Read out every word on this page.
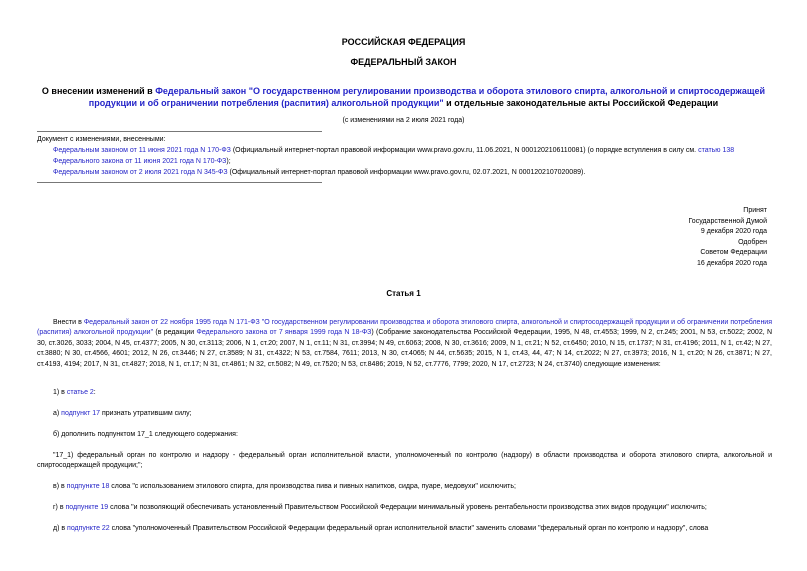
РОССИЙСКАЯ ФЕДЕРАЦИЯ
ФЕДЕРАЛЬНЫЙ ЗАКОН
О внесении изменений в Федеральный закон "О государственном регулировании производства и оборота этилового спирта, алкогольной и спиртосодержащей продукции и об ограничении потребления (распития) алкогольной продукции" и отдельные законодательные акты Российской Федерации
(с изменениями на 2 июля 2021 года)
Документ с изменениями, внесенными:
Федеральным законом от 11 июня 2021 года N 170-ФЗ (Официальный интернет-портал правовой информации www.pravo.gov.ru, 11.06.2021, N 0001202106110081) (о порядке вступления в силу см. статью 138 Федерального закона от 11 июня 2021 года N 170-ФЗ);
Федеральным законом от 2 июля 2021 года N 345-ФЗ (Официальный интернет-портал правовой информации www.pravo.gov.ru, 02.07.2021, N 0001202107020089).
Принят
Государственной Думой
9 декабря 2020 года
Одобрен
Советом Федерации
16 декабря 2020 года
Статья 1

Внести в Федеральный закон от 22 ноября 1995 года N 171-ФЗ "О государственном регулировании производства и оборота этилового спирта, алкогольной и спиртосодержащей продукции и об ограничении потребления (распития) алкогольной продукции" (в редакции Федерального закона от 7 января 1999 года N 18-ФЗ) (Собрание законодательства Российской Федерации, 1995, N 48, ст.4553; 1999, N 2, ст.245; 2001, N 53, ст.5022; 2002, N 30, ст.3026, 3033; 2004, N 45, ст.4377; 2005, N 30, ст.3113; 2006, N 1, ст.20; 2007, N 1, ст.11; N 31, ст.3994; N 49, ст.6063; 2008, N 30, ст.3616; 2009, N 1, ст.21; N 52, ст.6450; 2010, N 15, ст.1737; N 31, ст.4196; 2011, N 1, ст.42; N 27, ст.3880; N 30, ст.4566, 4601; 2012, N 26, ст.3446; N 27, ст.3589; N 31, ст.4322; N 53, ст.7584, 7611; 2013, N 30, ст.4065; N 44, ст.5635; 2015, N 1, ст.43, 44, 47; N 14, ст.2022; N 27, ст.3973; 2016, N 1, ст.20; N 26, ст.3871; N 27, ст.4193, 4194; 2017, N 31, ст.4827; 2018, N 1, ст.17; N 31, ст.4861; N 32, ст.5082; N 49, ст.7520; N 53, ст.8486; 2019, N 52, ст.7776, 7799; 2020, N 17, ст.2723; N 24, ст.3740) следующие изменения:

1) в статье 2:
а) подпункт 17 признать утратившим силу;
б) дополнить подпунктом 17_1 следующего содержания:
"17_1) федеральный орган по контролю и надзору - федеральный орган исполнительной власти, уполномоченный по контролю (надзору) в области производства и оборота этилового спирта, алкогольной и спиртосодержащей продукции;";
в) в подпункте 18 слова "с использованием этилового спирта, для производства пива и пивных напитков, сидра, пуаре, медовухи" исключить;
г) в подпункте 19 слова "и позволяющий обеспечивать установленный Правительством Российской Федерации минимальный уровень рентабельности производства этих видов продукции" исключить;
д) в подпункте 22 слова "уполномоченный Правительством Российской Федерации федеральный орган исполнительной власти" заменить словами "федеральный орган по контролю и надзору", слова
